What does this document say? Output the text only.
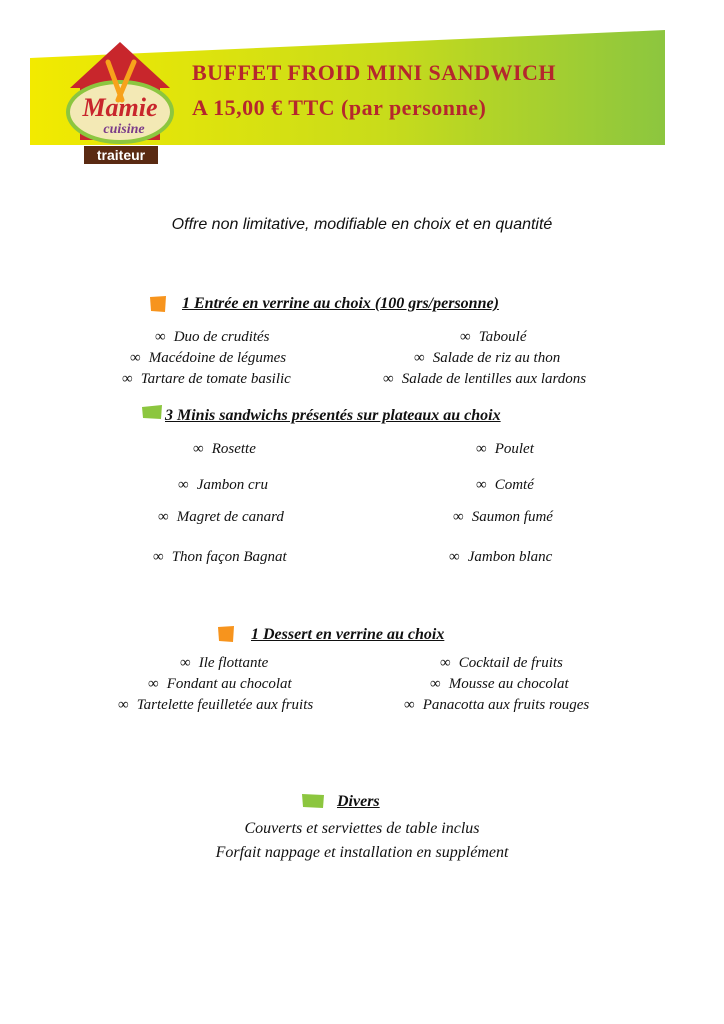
Mamie
cuisine
traiteur
BUFFET FROID MINI SANDWICH
A 15,00 € TTC (par personne)
Offre non limitative, modifiable en choix et en quantité
1 Entrée en verrine au choix (100 grs/personne)
∞ Duo de crudités
∞ Macédoine de légumes
∞ Tartare de tomate basilic
∞ Taboulé
∞ Salade de riz au thon
∞ Salade de lentilles aux lardons
3 Minis sandwichs présentés sur plateaux au choix
∞ Rosette
∞ Jambon cru
∞ Magret de canard
∞ Thon façon Bagnat
∞ Poulet
∞ Comté
∞ Saumon fumé
∞ Jambon blanc
1 Dessert en verrine au choix
∞ Ile flottante
∞ Fondant au chocolat
∞ Tartelette feuilletée aux fruits
∞ Cocktail de fruits
∞ Mousse au chocolat
∞ Panacotta aux fruits rouges
Divers
Couverts et serviettes de table inclus
Forfait nappage et installation en supplément
